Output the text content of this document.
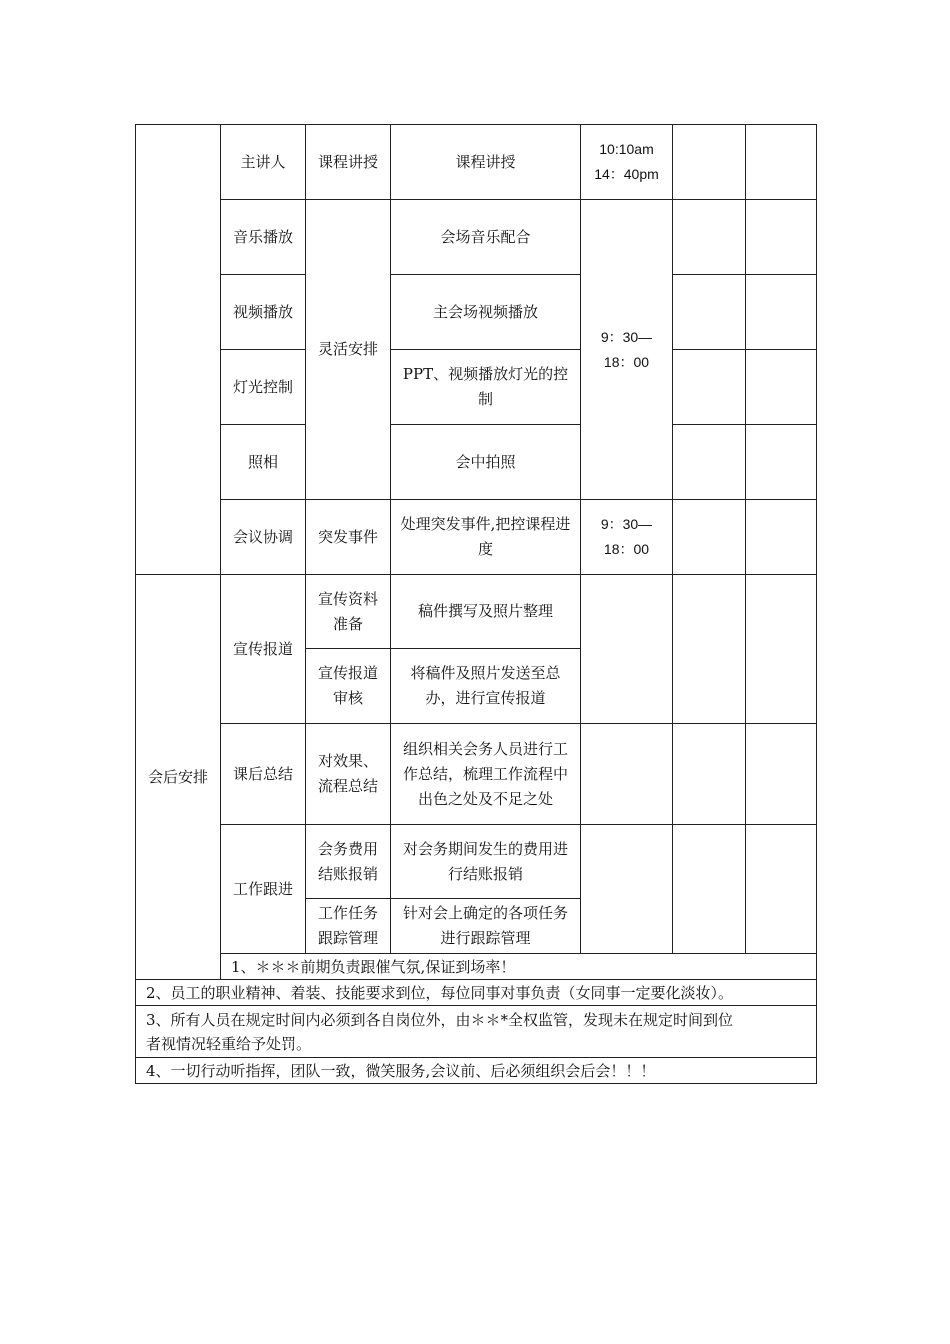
	主讲人	课程讲授	课程讲授	10:10am
14：40pm		

	音乐播放	灵活安排	会场音乐配合	9：30—
18：00		

	视频播放		主会场视频播放			
	灯光控制		PPT、视频播放灯光的控制			
	照相		会中拍照			
	会议协调	突发事件	处理突发事件,把控课程进度	9：30—
18：00		

会后安排	宣传报道	宣传资料准备	稿件撰写及照片整理			
		宣传报道审核	将稿件及照片发送至总办，进行宣传报道			
	课后总结	对效果、流程总结	组织相关会务人员进行工作总结，梳理工作流程中出色之处及不足之处			
	工作跟进	会务费用结账报销	对会务期间发生的费用进行结账报销			
		工作任务跟踪管理	针对会上确定的各项任务进行跟踪管理			
	1、＊＊＊前期负责跟催气氛,保证到场率！					
2、员工的职业精神、着装、技能要求到位，每位同事对事负责（女同事一定要化淡妆）。						

3、所有人员在规定时间内必须到各自岗位外，由＊＊*全权监管，发现未在规定时间到位
者视情况轻重给予处罚。						

4、一切行动听指挥，团队一致，微笑服务,会议前、后必须组织会后会！！！						
